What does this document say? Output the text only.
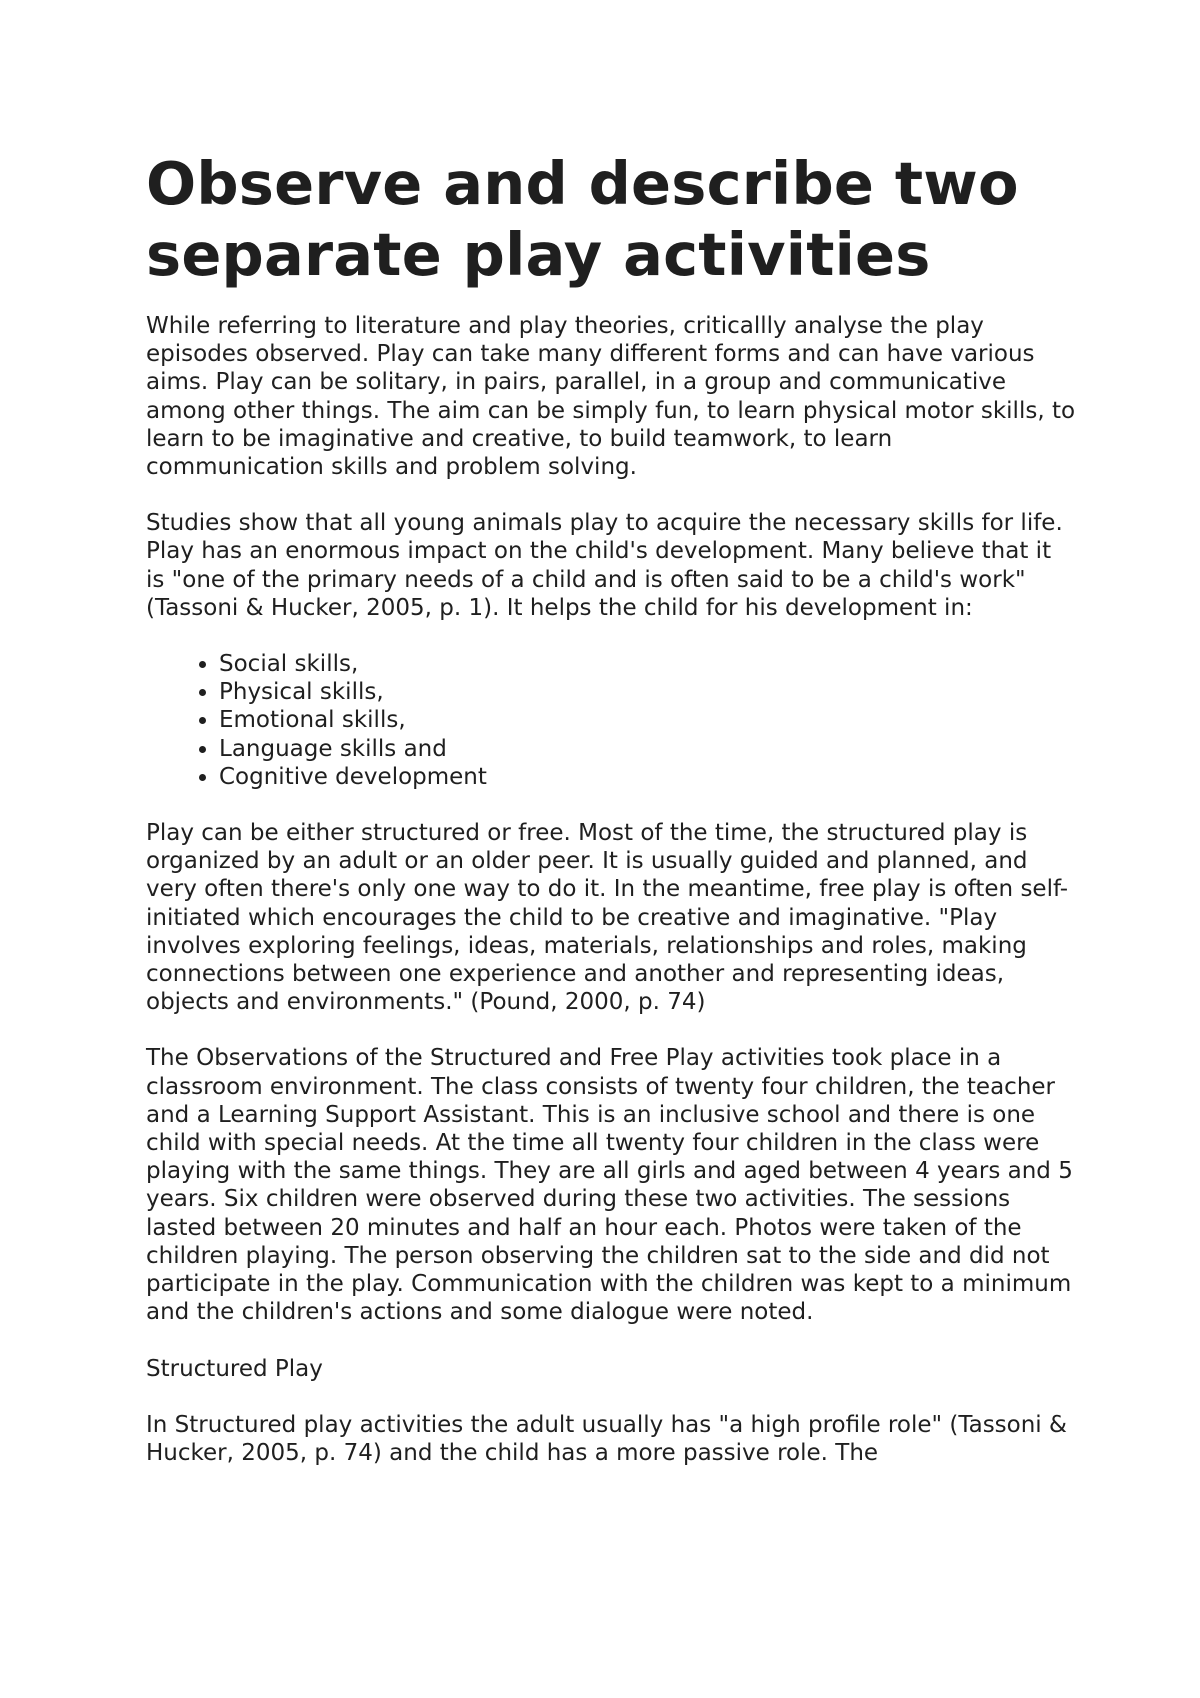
Observe and describe two separate play activities

While referring to literature and play theories, criticallly analyse the play episodes observed. Play can take many different forms and can have various aims. Play can be solitary, in pairs, parallel, in a group and communicative among other things. The aim can be simply fun, to learn physical motor skills, to learn to be imaginative and creative, to build teamwork, to learn communication skills and problem solving.

Studies show that all young animals play to acquire the necessary skills for life. Play has an enormous impact on the child's development. Many believe that it is "one of the primary needs of a child and is often said to be a child's work" (Tassoni & Hucker, 2005, p. 1). It helps the child for his development in:

• Social skills,
• Physical skills,
• Emotional skills,
• Language skills and
• Cognitive development

Play can be either structured or free. Most of the time, the structured play is organized by an adult or an older peer. It is usually guided and planned, and very often there's only one way to do it. In the meantime, free play is often self-initiated which encourages the child to be creative and imaginative. "Play involves exploring feelings, ideas, materials, relationships and roles, making connections between one experience and another and representing ideas, objects and environments." (Pound, 2000, p. 74)

The Observations of the Structured and Free Play activities took place in a classroom environment. The class consists of twenty four children, the teacher and a Learning Support Assistant. This is an inclusive school and there is one child with special needs. At the time all twenty four children in the class were playing with the same things. They are all girls and aged between 4 years and 5 years. Six children were observed during these two activities. The sessions lasted between 20 minutes and half an hour each. Photos were taken of the children playing. The person observing the children sat to the side and did not participate in the play. Communication with the children was kept to a minimum and the children's actions and some dialogue were noted.

Structured Play

In Structured play activities the adult usually has "a high profile role" (Tassoni & Hucker, 2005, p. 74) and the child has a more passive role. The
